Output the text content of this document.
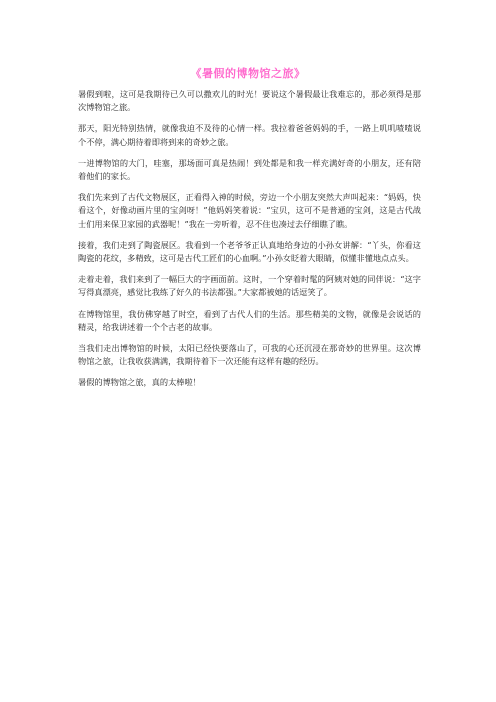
《暑假的博物馆之旅》

暑假到啦，这可是我期待已久可以撒欢儿的时光！要说这个暑假最让我难忘的，那必须得是那次博物馆之旅。

那天，阳光特别热情，就像我迫不及待的心情一样。我拉着爸爸妈妈的手，一路上叽叽喳喳说个不停，满心期待着即将到来的奇妙之旅。

一进博物馆的大门，哇塞，那场面可真是热闹！到处都是和我一样充满好奇的小朋友，还有陪着他们的家长。

我们先来到了古代文物展区，正看得入神的时候，旁边一个小朋友突然大声叫起来：“妈妈，快看这个，好像动画片里的宝剑呀！”他妈妈笑着说：“宝贝，这可不是普通的宝剑，这是古代战士们用来保卫家园的武器呢！”我在一旁听着，忍不住也凑过去仔细瞧了瞧。

接着，我们走到了陶瓷展区。我看到一个老爷爷正认真地给身边的小孙女讲解：“丫头，你看这陶瓷的花纹，多精致，这可是古代工匠们的心血啊。”小孙女眨着大眼睛，似懂非懂地点点头。

走着走着，我们来到了一幅巨大的字画面前。这时，一个穿着时髦的阿姨对她的同伴说：“这字写得真漂亮，感觉比我练了好久的书法都强。”大家都被她的话逗笑了。

在博物馆里，我仿佛穿越了时空，看到了古代人们的生活。那些精美的文物，就像是会说话的精灵，给我讲述着一个个古老的故事。

当我们走出博物馆的时候，太阳已经快要落山了，可我的心还沉浸在那奇妙的世界里。这次博物馆之旅，让我收获满满，我期待着下一次还能有这样有趣的经历。

暑假的博物馆之旅，真的太棒啦！
